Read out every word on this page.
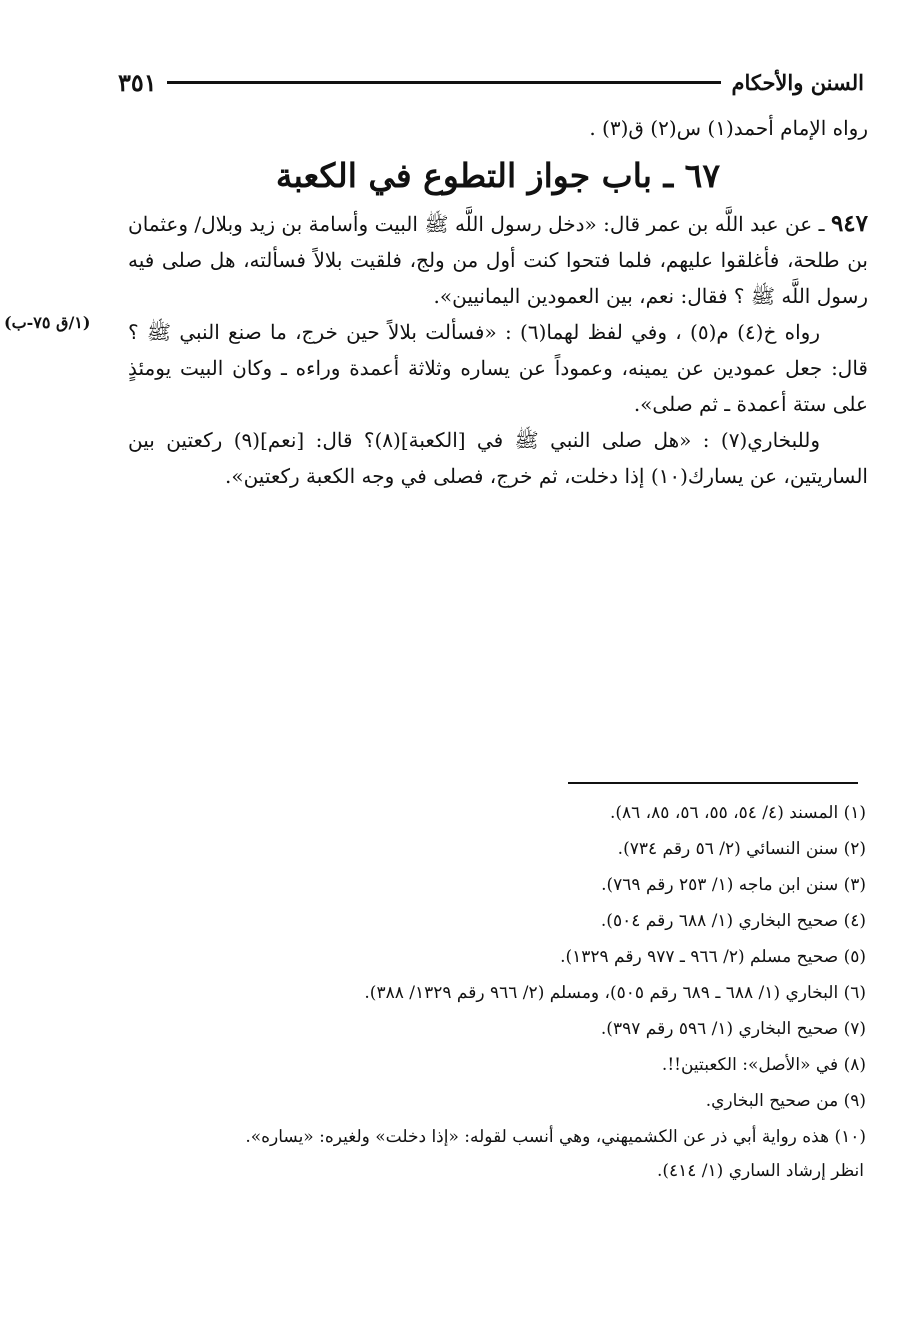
السنن والأحكام
٣٥١
(١/ق ٧٥-ب)

رواه الإمام أحمد(١) س(٢) ق(٣) .

٦٧ ـ باب جواز التطوع في الكعبة

٩٤٧ ـ عن عبد اللَّه بن عمر قال: «دخل رسول اللَّه ﷺ البيت وأسامة بن زيد وبلال/ وعثمان بن طلحة، فأغلقوا عليهم، فلما فتحوا كنت أول من ولج، فلقيت بلالاً فسألته، هل صلى فيه رسول اللَّه ﷺ ؟ فقال: نعم، بين العمودين اليمانيين».

رواه خ(٤) م(٥) ، وفي لفظ لهما(٦) : «فسألت بلالاً حين خرج، ما صنع النبي ﷺ ؟ قال: جعل عمودين عن يمينه، وعموداً عن يساره وثلاثة أعمدة وراءه ـ وكان البيت يومئذٍ على ستة أعمدة ـ ثم صلى».

وللبخاري(٧) : «هل صلى النبي ﷺ في [الكعبة](٨)؟ قال: [نعم](٩) ركعتين بين الساريتين، عن يسارك(١٠) إذا دخلت، ثم خرج، فصلى في وجه الكعبة ركعتين».

(١) المسند (٤/ ٥٤، ٥٥، ٥٦، ٨٥، ٨٦).

(٢) سنن النسائي (٢/ ٥٦ رقم ٧٣٤).

(٣) سنن ابن ماجه (١/ ٢٥٣ رقم ٧٦٩).

(٤) صحيح البخاري (١/ ٦٨٨ رقم ٥٠٤).

(٥) صحيح مسلم (٢/ ٩٦٦ ـ ٩٧٧ رقم ١٣٢٩).

(٦) البخاري (١/ ٦٨٨ ـ ٦٨٩ رقم ٥٠٥)، ومسلم (٢/ ٩٦٦ رقم ١٣٢٩/ ٣٨٨).

(٧) صحيح البخاري (١/ ٥٩٦ رقم ٣٩٧).

(٨) في «الأصل»: الكعبتين!!.

(٩) من صحيح البخاري.

(١٠) هذه رواية أبي ذر عن الكشميهني، وهي أنسب لقوله: «إذا دخلت» ولغيره: «يساره».

انظر إرشاد الساري (١/ ٤١٤).
